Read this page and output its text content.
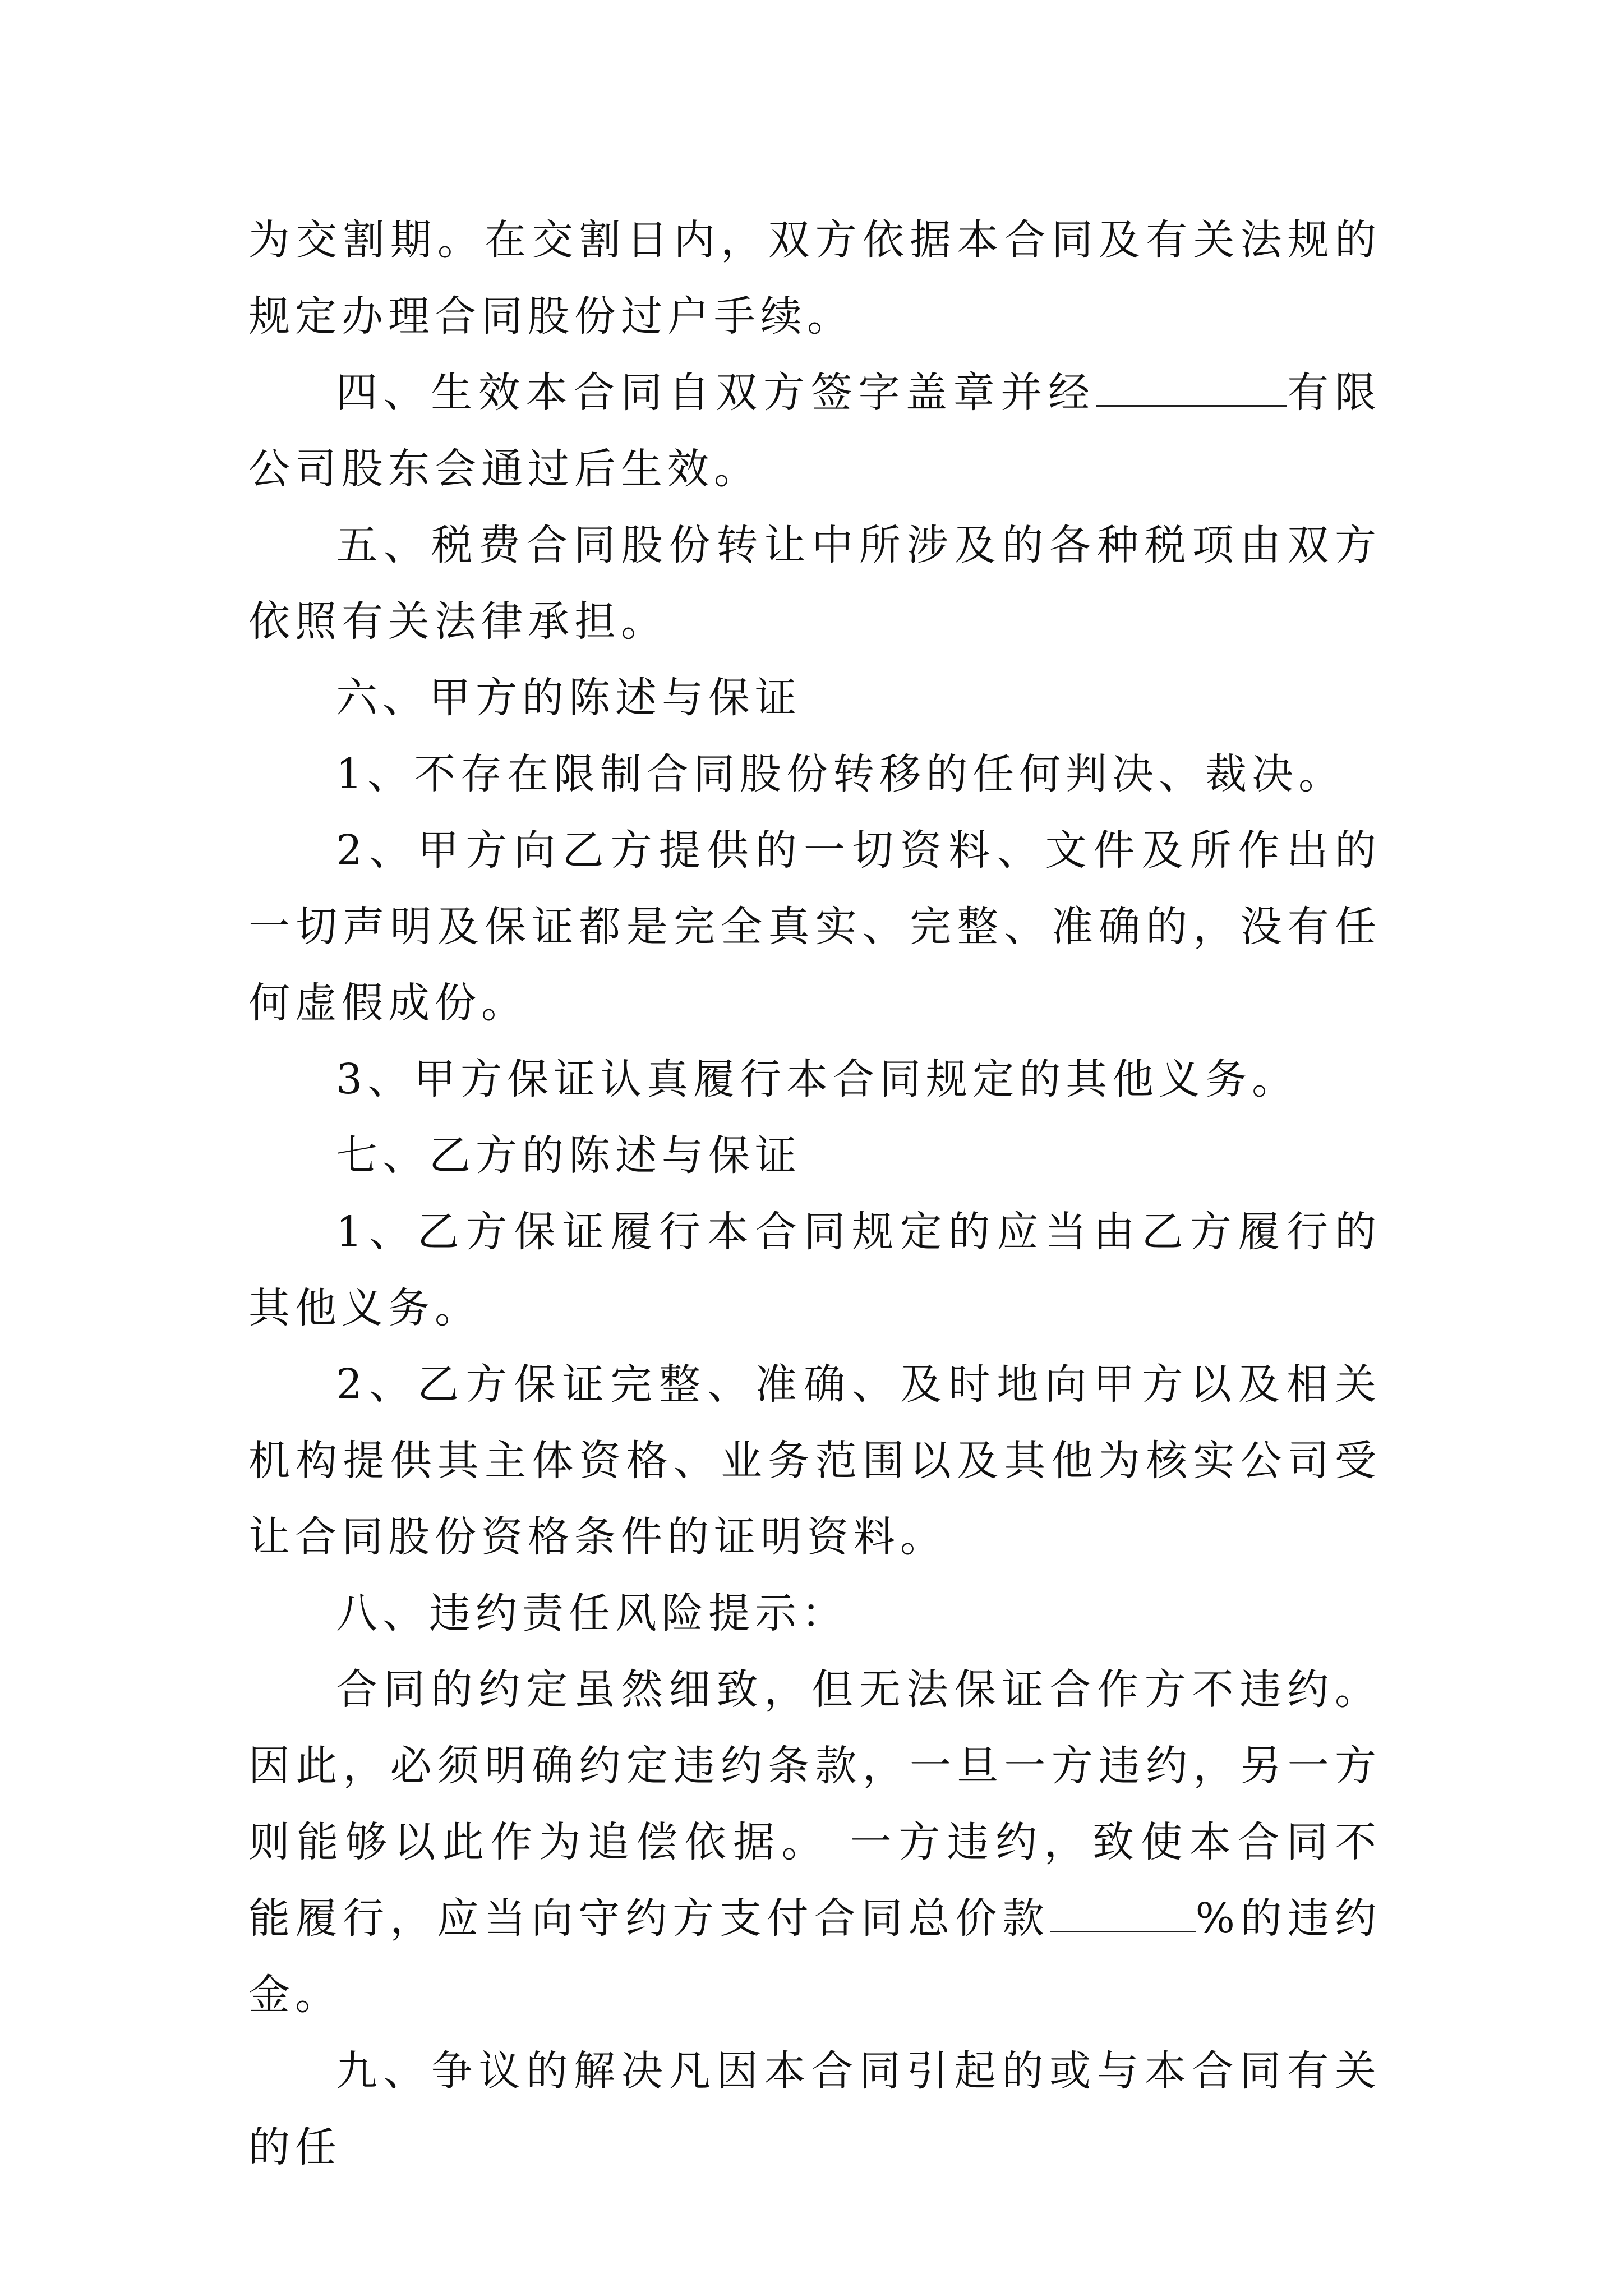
为交割期。在交割日内，双方依据本合同及有关法规的规定办理合同股份过户手续。

四、生效本合同自双方签字盖章并经	有限公司股东会通过后生效。

五、税费合同股份转让中所涉及的各种税项由双方依照有关法律承担。

六、甲方的陈述与保证

1、不存在限制合同股份转移的任何判决、裁决。

2、甲方向乙方提供的一切资料、文件及所作出的一切声明及保证都是完全真实、完整、准确的，没有任何虚假成份。

3、甲方保证认真履行本合同规定的其他义务。

七、乙方的陈述与保证

1、乙方保证履行本合同规定的应当由乙方履行的其他义务。

2、乙方保证完整、准确、及时地向甲方以及相关机构提供其主体资格、业务范围以及其他为核实公司受让合同股份资格条件的证明资料。

八、违约责任风险提示：

合同的约定虽然细致，但无法保证合作方不违约。因此，必须明确约定违约条款，一旦一方违约，另一方则能够以此作为追偿依据。 一方违约，致使本合同不能履行，应当向守约方支付合同总价款	%的违约金。

九、争议的解决凡因本合同引起的或与本合同有关的任
